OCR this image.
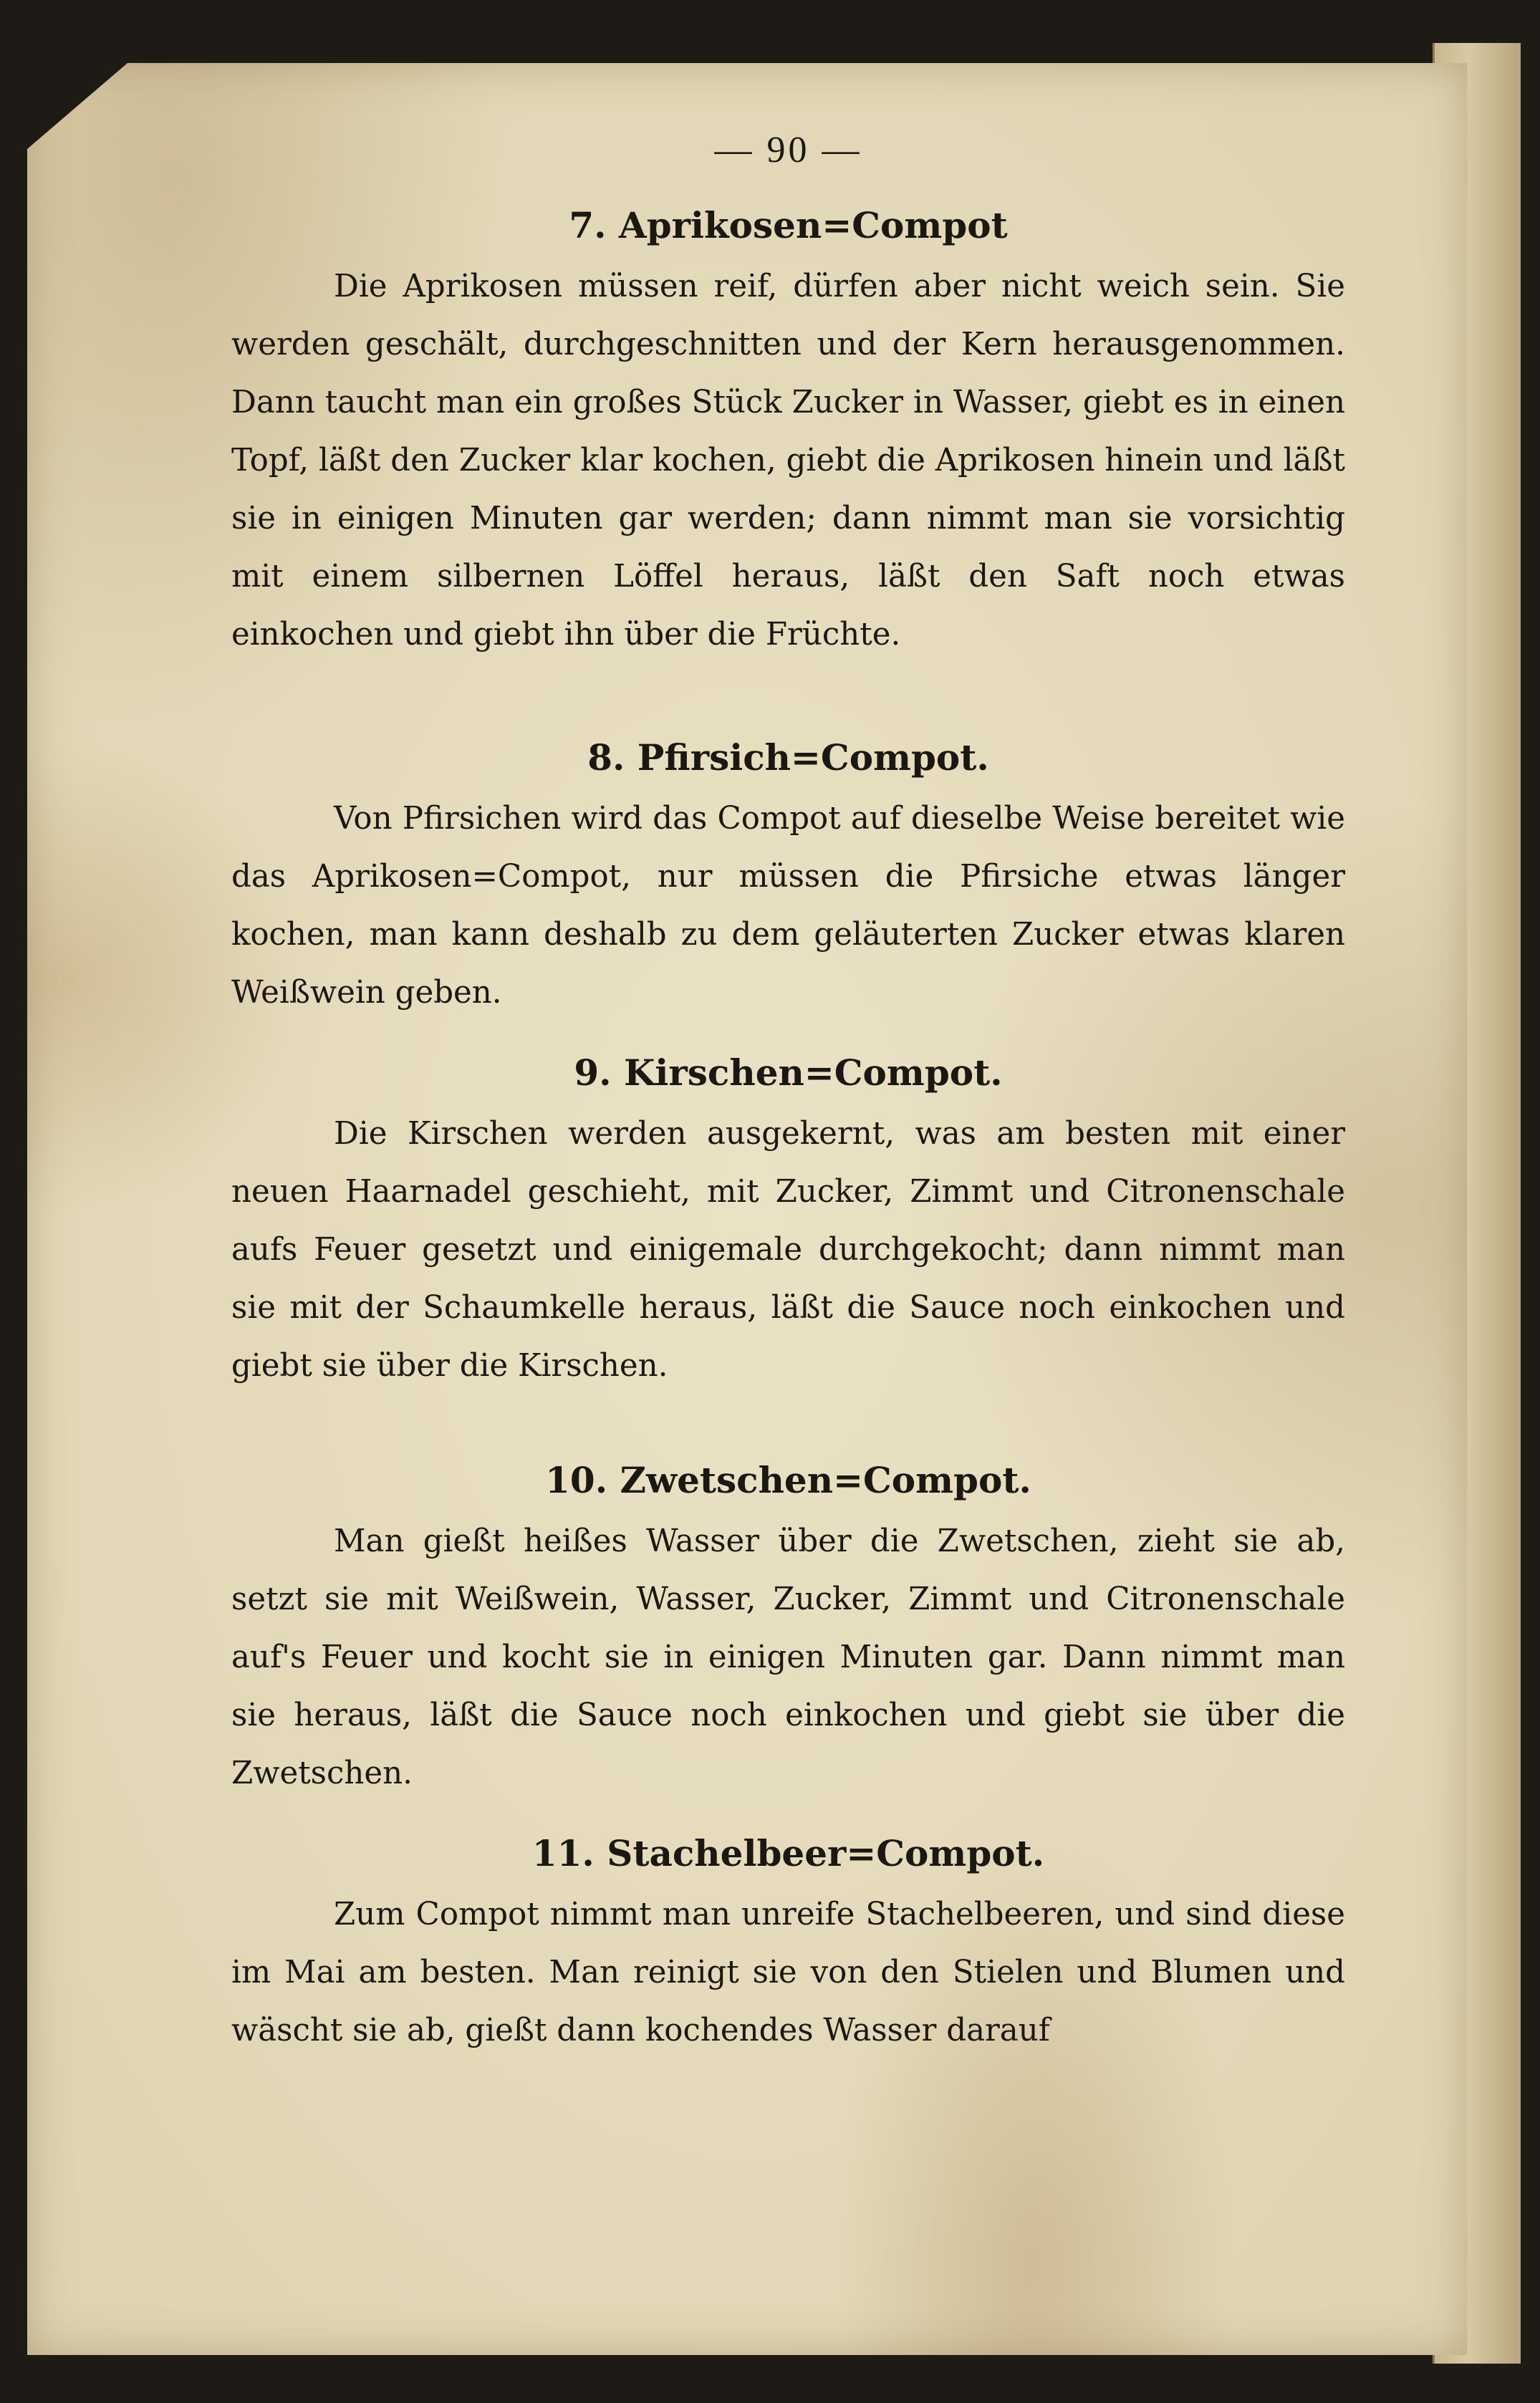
— 90 —
7. Aprikosen=Compot

Die Aprikosen müssen reif, dürfen aber nicht weich sein. Sie werden geschält, durchgeschnitten und der Kern herausgenommen. Dann taucht man ein großes Stück Zucker in Wasser, giebt es in einen Topf, läßt den Zucker klar kochen, giebt die Aprikosen hinein und läßt sie in einigen Minuten gar werden; dann nimmt man sie vorsichtig mit einem silbernen Löffel heraus, läßt den Saft noch etwas einkochen und giebt ihn über die Früchte.

8. Pfirsich=Compot.

Von Pfirsichen wird das Compot auf dieselbe Weise bereitet wie das Aprikosen=Compot, nur müssen die Pfirsiche etwas länger kochen, man kann deshalb zu dem geläuterten Zucker etwas klaren Weißwein geben.

9. Kirschen=Compot.

Die Kirschen werden ausgekernt, was am besten mit einer neuen Haarnadel geschieht, mit Zucker, Zimmt und Citronenschale aufs Feuer gesetzt und einigemale durchgekocht; dann nimmt man sie mit der Schaumkelle heraus, läßt die Sauce noch einkochen und giebt sie über die Kirschen.

10. Zwetschen=Compot.

Man gießt heißes Wasser über die Zwetschen, zieht sie ab, setzt sie mit Weißwein, Wasser, Zucker, Zimmt und Citronenschale auf's Feuer und kocht sie in einigen Minuten gar. Dann nimmt man sie heraus, läßt die Sauce noch einkochen und giebt sie über die Zwetschen.

11. Stachelbeer=Compot.

Zum Compot nimmt man unreife Stachelbeeren, und sind diese im Mai am besten. Man reinigt sie von den Stielen und Blumen und wäscht sie ab, gießt dann kochendes Wasser darauf
